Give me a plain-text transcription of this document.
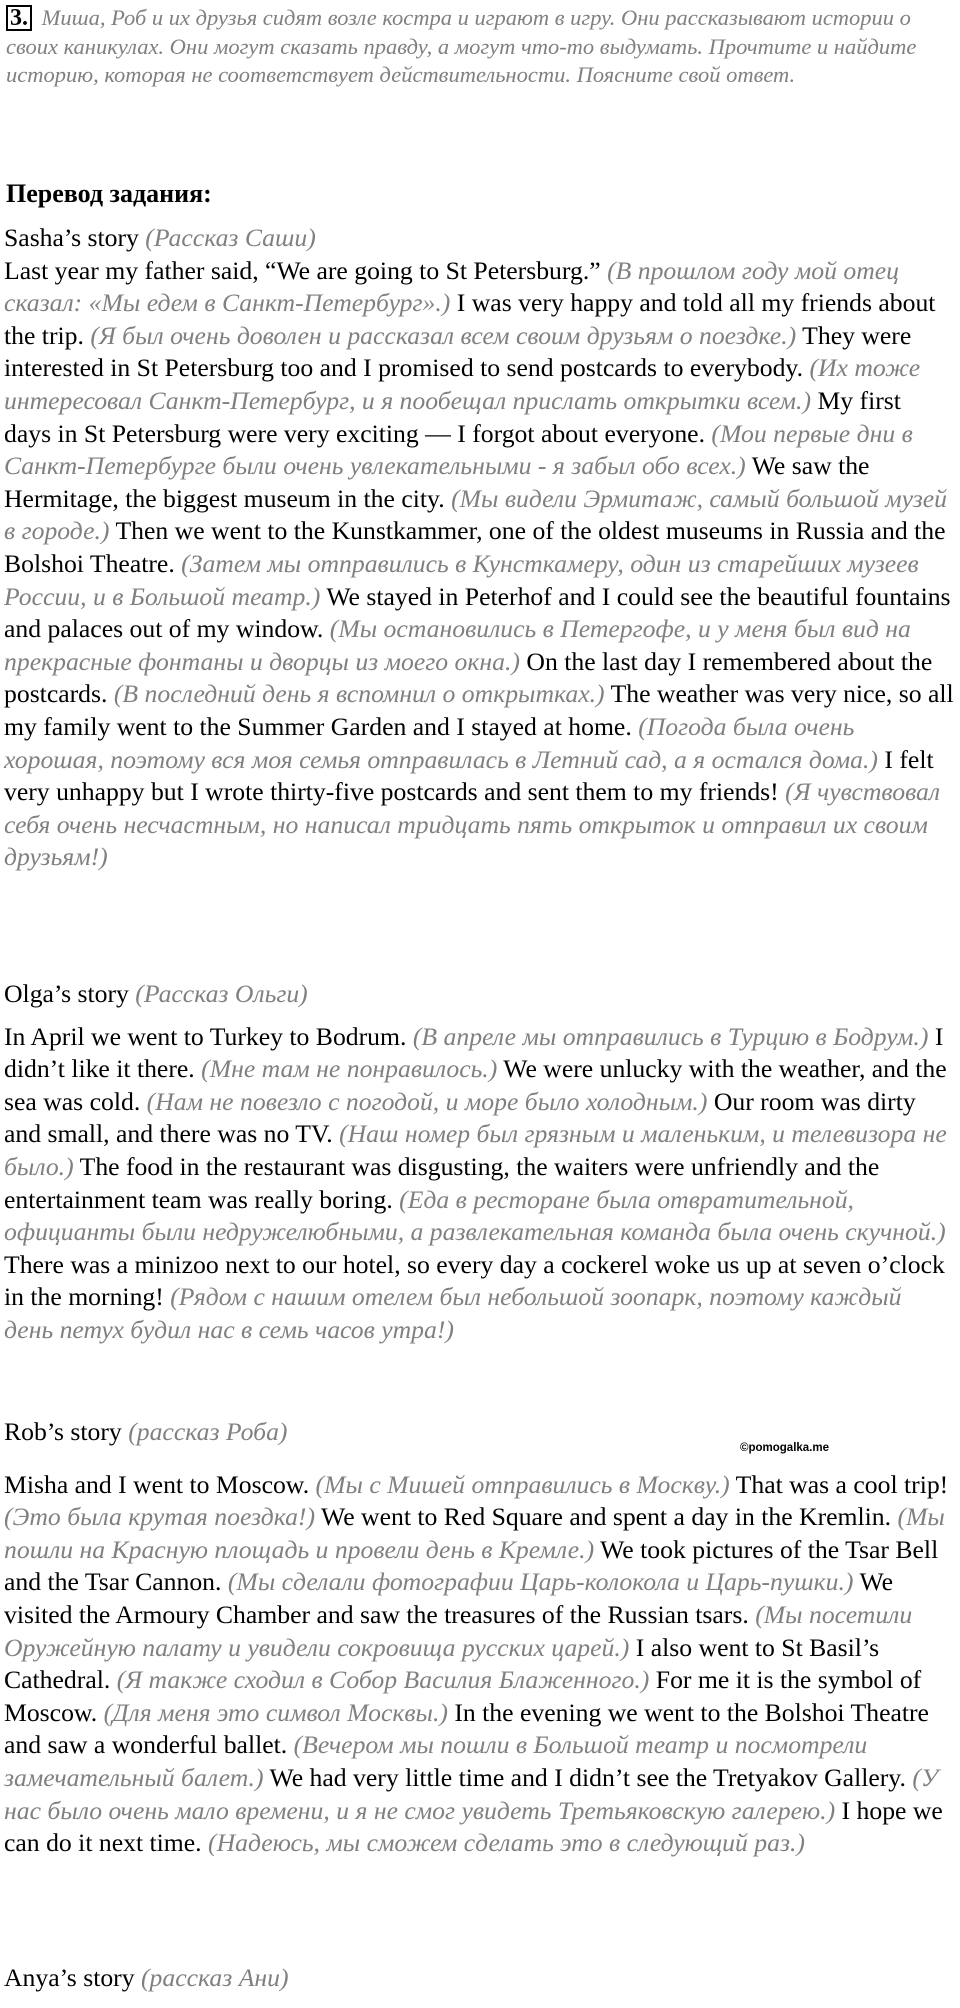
3. Миша, Роб и их друзья сидят возле костра и играют в игру. Они рассказывают истории о своих каникулах. Они могут сказать правду, а могут что-то выдумать. Прочтите и найдите историю, которая не соответствует действительности. Поясните свой ответ.
Перевод задания:

Sasha’s story (Рассказ Саши)

Last year my father said, “We are going to St Petersburg.” (В прошлом году мой отец сказал: «Мы едем в Санкт-Петербург».) I was very happy and told all my friends about the trip. (Я был очень доволен и рассказал всем своим друзьям о поездке.) They were interested in St Petersburg too and I promised to send postcards to everybody. (Их тоже интересовал Санкт-Петербург, и я пообещал прислать открытки всем.) My first days in St Petersburg were very exciting — I forgot about everyone. (Мои первые дни в Санкт-Петербурге были очень увлекательными - я забыл обо всех.) We saw the Hermitage, the biggest museum in the city. (Мы видели Эрмитаж, самый большой музей в городе.) Then we went to the Kunstkammer, one of the oldest museums in Russia and the Bolshoi Theatre. (Затем мы отправились в Кунсткамеру, один из старейших музеев России, и в Большой театр.) We stayed in Peterhof and I could see the beautiful fountains and palaces out of my window. (Мы остановились в Петергофе, и у меня был вид на прекрасные фонтаны и дворцы из моего окна.) On the last day I remembered about the postcards. (В последний день я вспомнил о открытках.) The weather was very nice, so all my family went to the Summer Garden and I stayed at home. (Погода была очень хорошая, поэтому вся моя семья отправилась в Летний сад, а я остался дома.) I felt very unhappy but I wrote thirty-five postcards and sent them to my friends! (Я чувствовал себя очень несчастным, но написал тридцать пять открыток и отправил их своим друзьям!)

Olga’s story (Рассказ Ольги)

In April we went to Turkey to Bodrum. (В апреле мы отправились в Турцию в Бодрум.) I didn’t like it there. (Мне там не понравилось.) We were unlucky with the weather, and the sea was cold. (Нам не повезло с погодой, и море было холодным.) Our room was dirty and small, and there was no TV. (Наш номер был грязным и маленьким, и телевизора не было.) The food in the restaurant was disgusting, the waiters were unfriendly and the entertainment team was really boring. (Еда в ресторане была отвратительной, официанты были недружелюбными, а развлекательная команда была очень скучной.) There was a minizoo next to our hotel, so every day a cockerel woke us up at seven o’clock in the morning! (Рядом с нашим отелем был небольшой зоопарк, поэтому каждый день петух будил нас в семь часов утра!)

Rob’s story (рассказ Роба)

Misha and I went to Moscow. (Мы с Мишей отправились в Москву.) That was a cool trip! (Это была крутая поездка!) We went to Red Square and spent a day in the Kremlin. (Мы пошли на Красную площадь и провели день в Кремле.) We took pictures of the Tsar Bell and the Tsar Cannon. (Мы сделали фотографии Царь-колокола и Царь-пушки.) We visited the Armoury Chamber and saw the treasures of the Russian tsars. (Мы посетили Оружейную палату и увидели сокровища русских царей.) I also went to St Basil’s Cathedral. (Я также сходил в Собор Василия Блаженного.) For me it is the symbol of Moscow. (Для меня это символ Москвы.) In the evening we went to the Bolshoi Theatre and saw a wonderful ballet. (Вечером мы пошли в Большой театр и посмотрели замечательный балет.) We had very little time and I didn’t see the Tretyakov Gallery. (У нас было очень мало времени, и я не смог увидеть Третьяковскую галерею.) I hope we can do it next time. (Надеюсь, мы сможем сделать это в следующий раз.)

©pomogalka.me

Anya’s story (рассказ Ани)
